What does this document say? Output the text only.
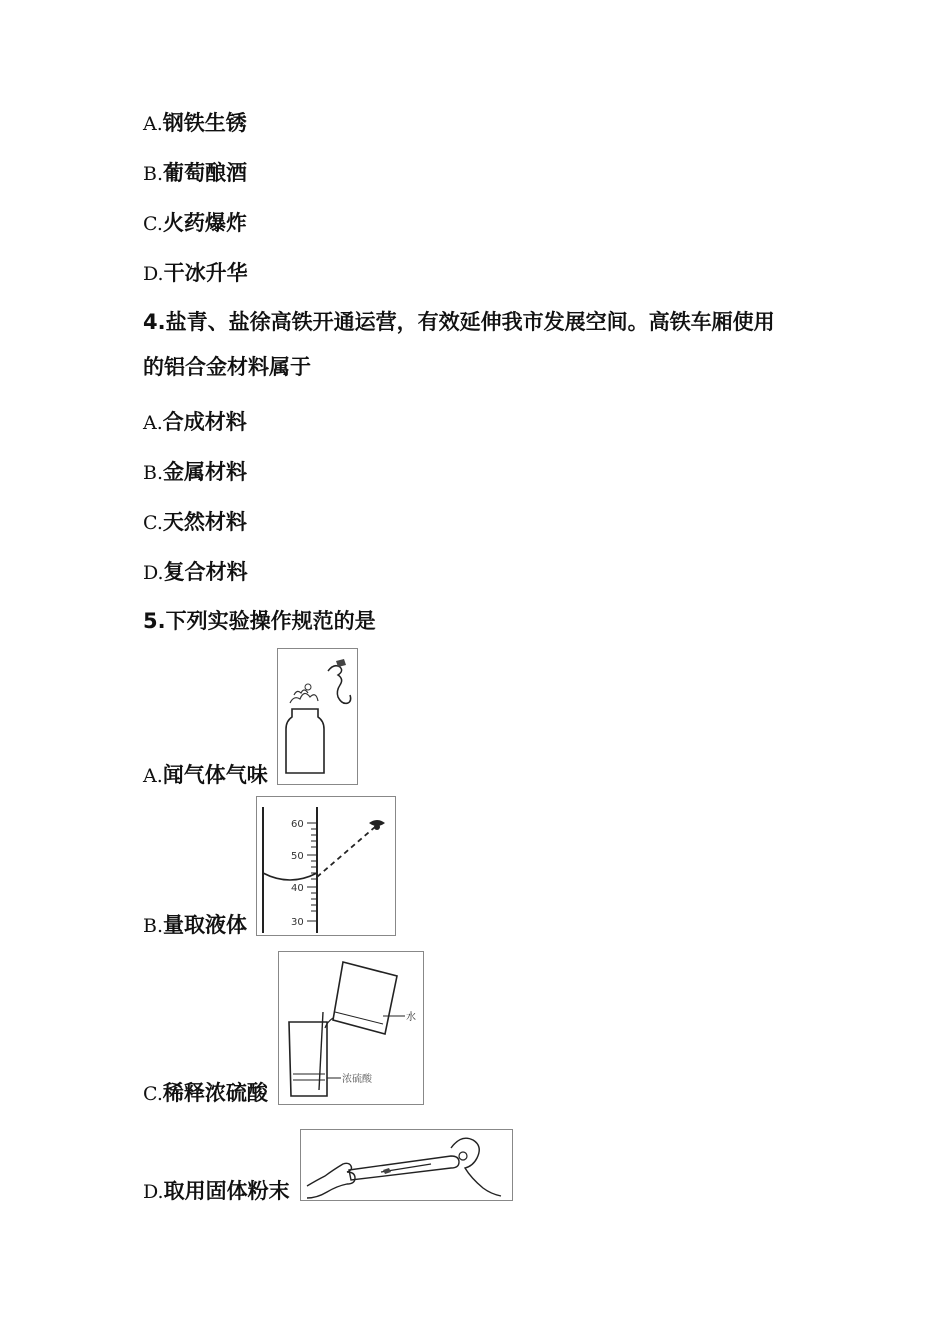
A.钢铁生锈
B.葡萄酿酒
C.火药爆炸
D.干冰升华
4.盐青、盐徐高铁开通运营，有效延伸我市发展空间。高铁车厢使用
的铝合金材料属于
A.合成材料
B.金属材料
C.天然材料
D.复合材料
5.下列实验操作规范的是
A.闻气体气味
B.量取液体
60
50
40
30
C.稀释浓硫酸
水
浓硫酸
D.取用固体粉末
